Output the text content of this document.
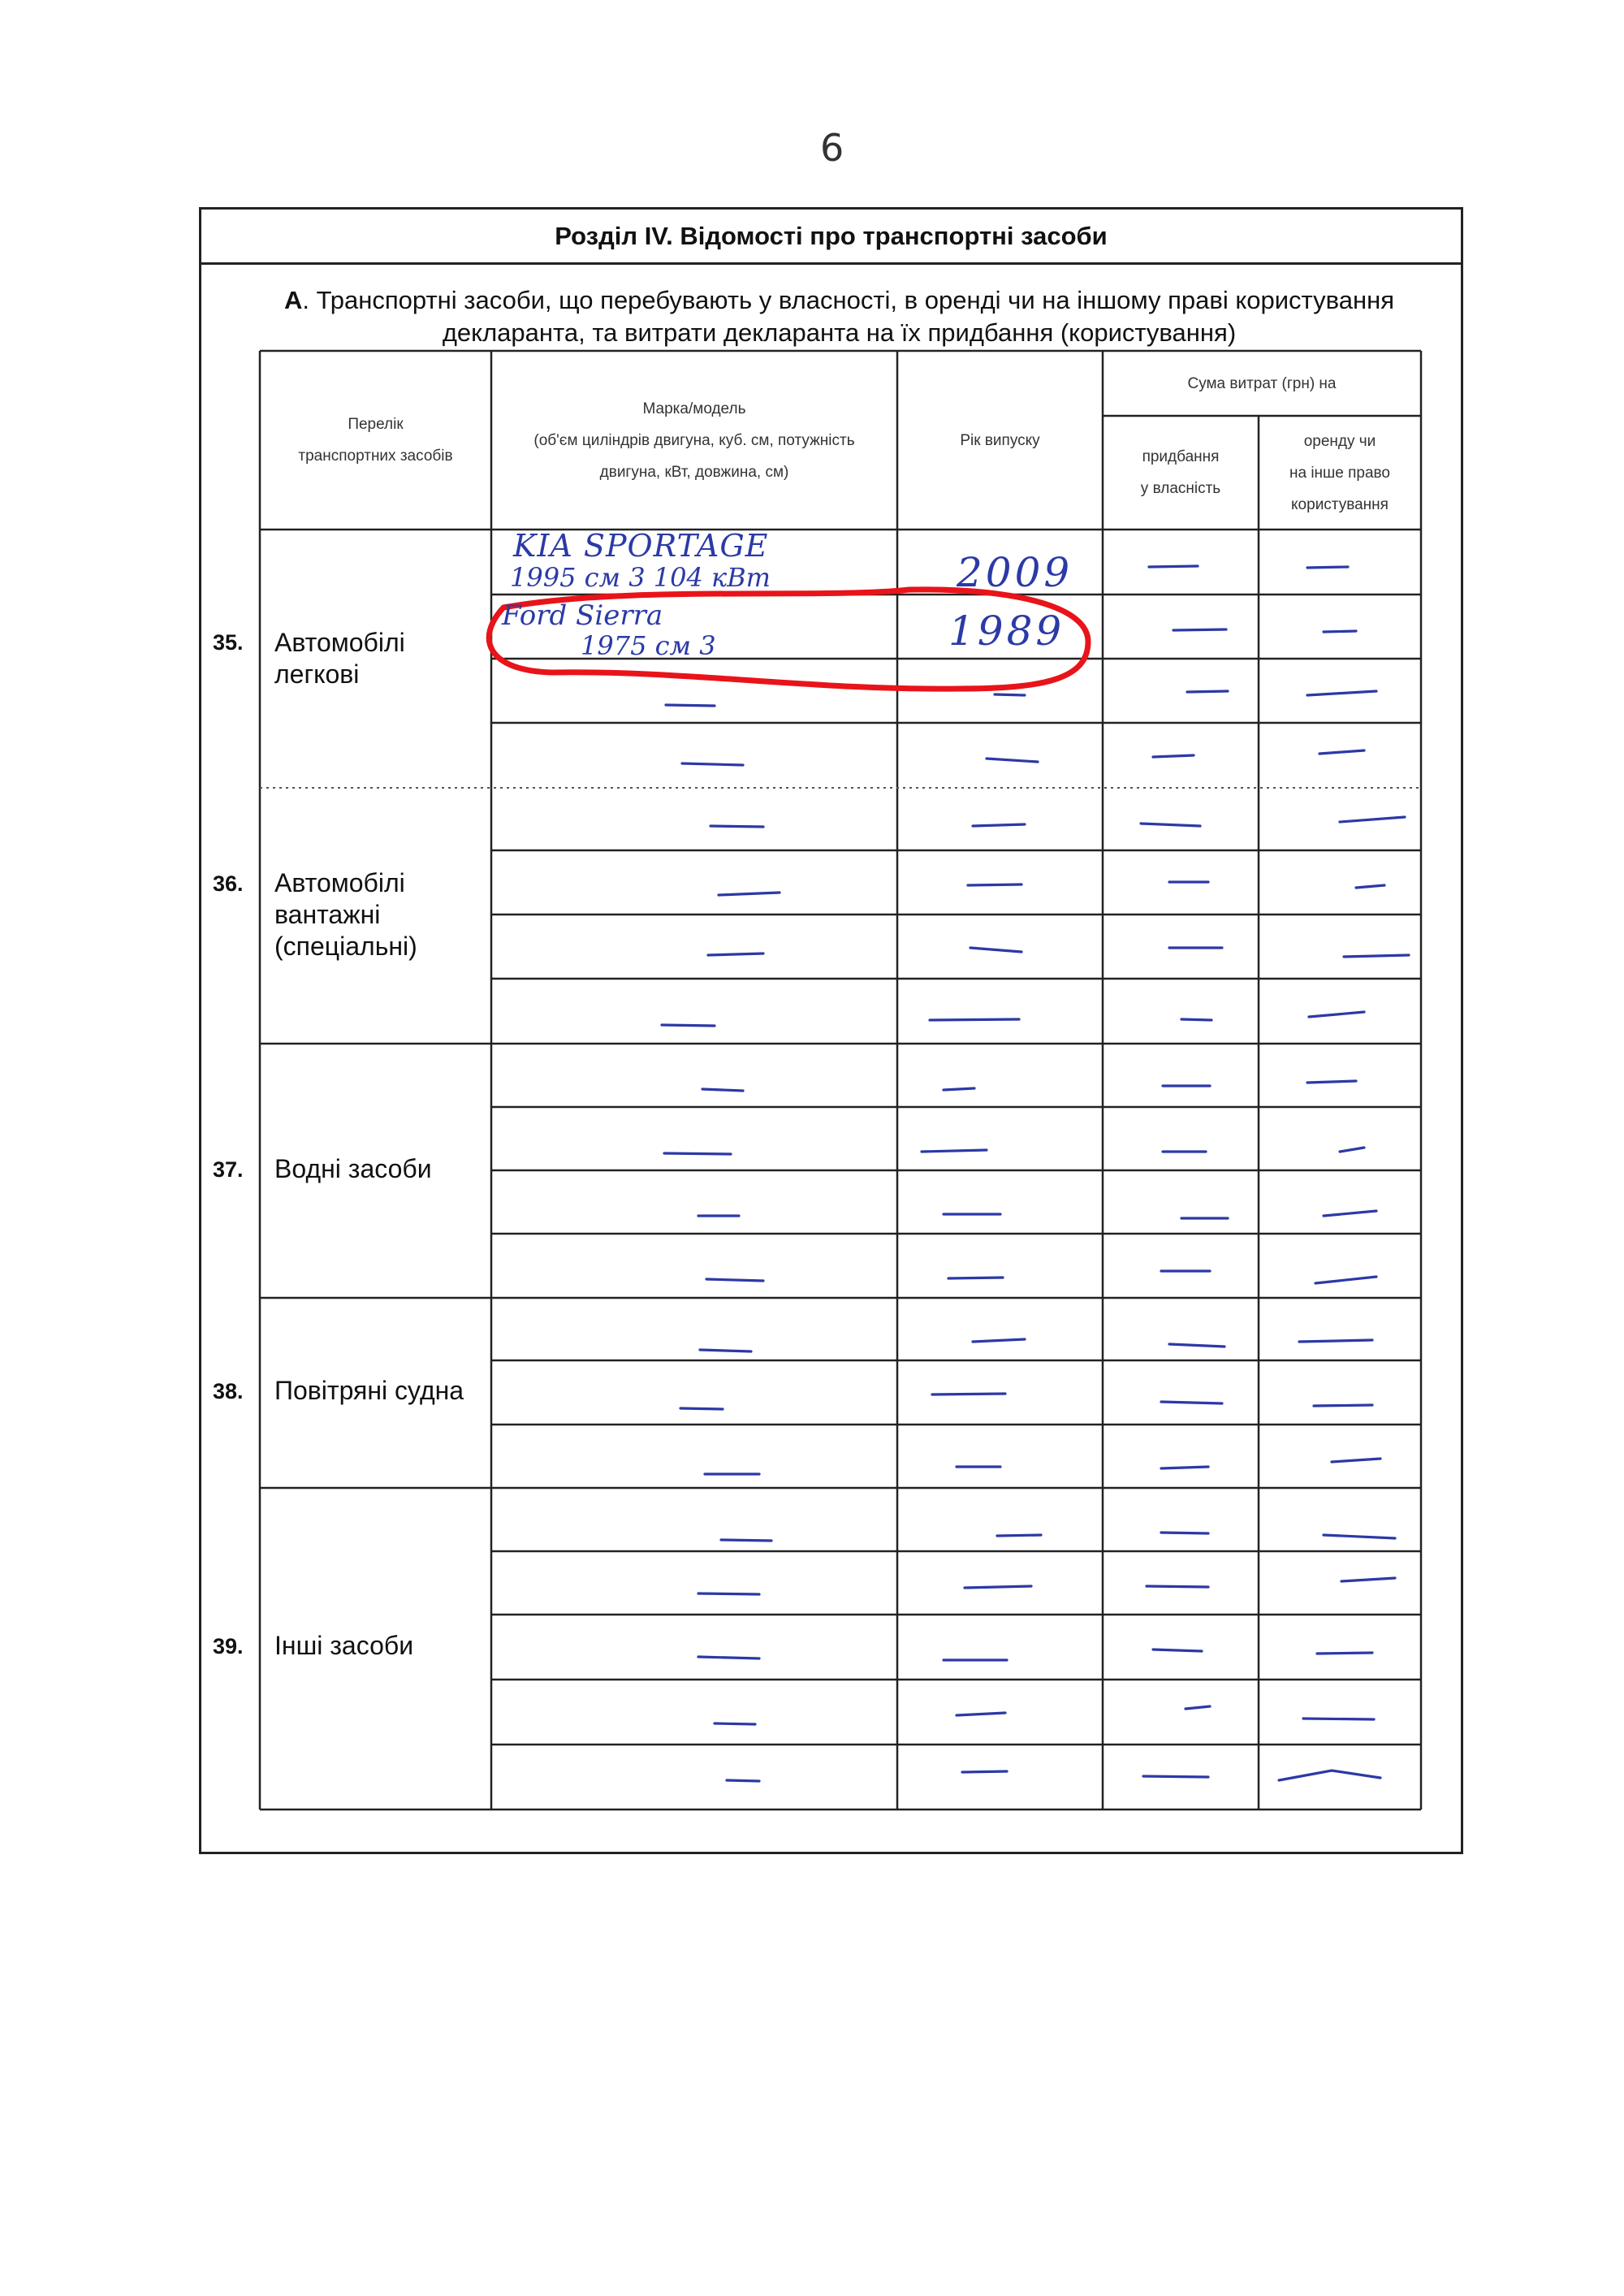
6
Розділ IV. Відомості про транспортні засоби
А. Транспортні засоби, що перебувають у власності, в оренді чи на іншому праві користування
декларанта, та витрати декларанта на їх придбання (користування)
Перелік
транспортних засобів
Марка/модель
(об'єм циліндрів двигуна, куб. см, потужність
двигуна, кВт, довжина, см)
Рік випуску
Сума витрат (грн) на
придбання
у власність
оренду чи
на інше право
користування
35.
36.
37.
38.
39.
Автомобілі
легкові
Автомобілі
вантажні
(спеціальні)
Водні засоби
Повітряні судна
Інші засоби
KIA SPORTAGE
1995 см 3 104 кВт	2009
Ford Sierra
1975 см 3	1989
